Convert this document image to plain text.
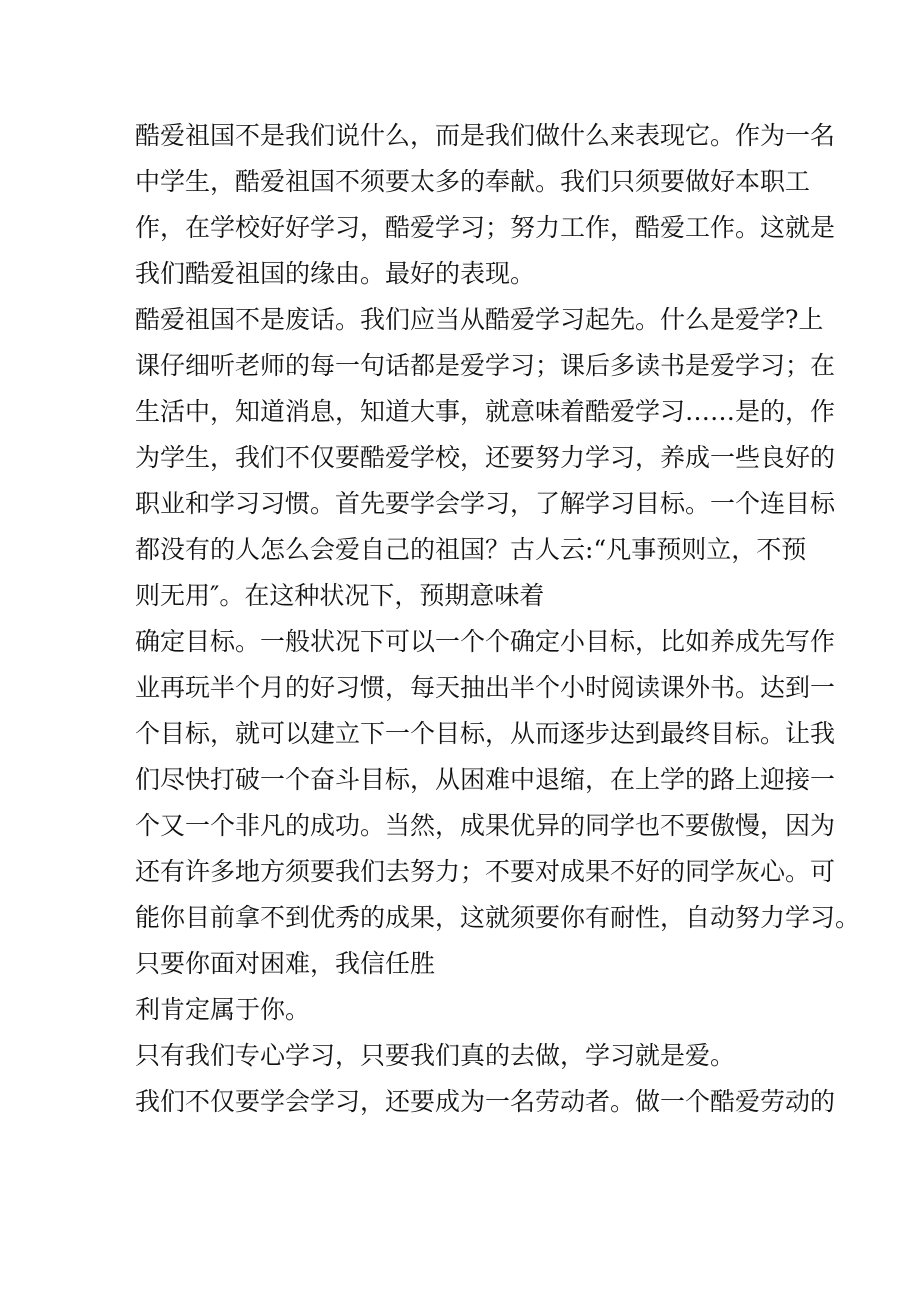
酷爱祖国不是我们说什么，而是我们做什么来表现它。作为一名
中学生，酷爱祖国不须要太多的奉献。我们只须要做好本职工
作，在学校好好学习，酷爱学习；努力工作，酷爱工作。这就是
我们酷爱祖国的缘由。最好的表现。
酷爱祖国不是废话。我们应当从酷爱学习起先。什么是爱学?上
课仔细听老师的每一句话都是爱学习；课后多读书是爱学习；在
生活中，知道消息，知道大事，就意味着酷爱学习……是的，作
为学生，我们不仅要酷爱学校，还要努力学习，养成一些良好的
职业和学习习惯。首先要学会学习，了解学习目标。一个连目标
都没有的人怎么会爱自己的祖国？古人云:“凡事预则立，不预
则无用″。在这种状况下，预期意味着
确定目标。一般状况下可以一个个确定小目标，比如养成先写作
业再玩半个月的好习惯，每天抽出半个小时阅读课外书。达到一
个目标，就可以建立下一个目标，从而逐步达到最终目标。让我
们尽快打破一个奋斗目标，从困难中退缩，在上学的路上迎接一
个又一个非凡的成功。当然，成果优异的同学也不要傲慢，因为
还有许多地方须要我们去努力；不要对成果不好的同学灰心。可
能你目前拿不到优秀的成果，这就须要你有耐性，自动努力学习。
只要你面对困难，我信任胜
利肯定属于你。
只有我们专心学习，只要我们真的去做，学习就是爱。
我们不仅要学会学习，还要成为一名劳动者。做一个酷爱劳动的
